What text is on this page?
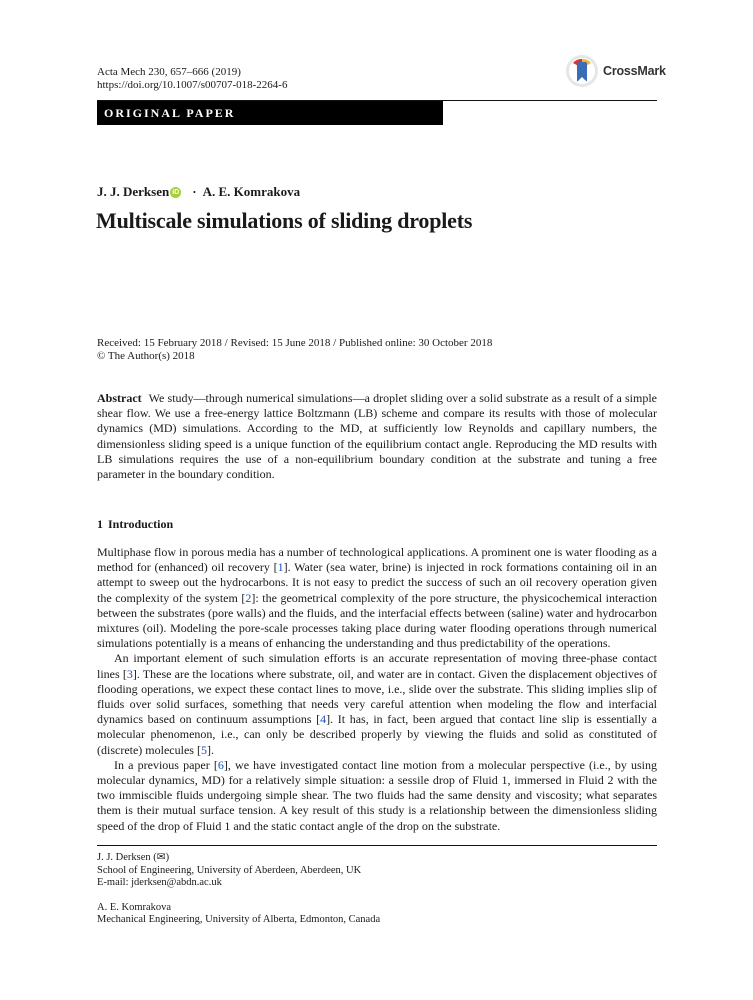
Acta Mech 230, 657–666 (2019)
https://doi.org/10.1007/s00707-018-2264-6
CrossMark
ORIGINAL PAPER
J. J. Derksen iD · A. E. Komrakova
Multiscale simulations of sliding droplets
Received: 15 February 2018 / Revised: 15 June 2018 / Published online: 30 October 2018
© The Author(s) 2018

Abstract We study—through numerical simulations—a droplet sliding over a solid substrate as a result of a simple shear flow. We use a free-energy lattice Boltzmann (LB) scheme and compare its results with those of molecular dynamics (MD) simulations. According to the MD, at sufficiently low Reynolds and capillary numbers, the dimensionless sliding speed is a unique function of the equilibrium contact angle. Reproducing the MD results with LB simulations requires the use of a non-equilibrium boundary condition at the substrate and tuning a free parameter in the boundary condition.

1 Introduction

Multiphase flow in porous media has a number of technological applications. A prominent one is water flooding as a method for (enhanced) oil recovery [1]. Water (sea water, brine) is injected in rock formations containing oil in an attempt to sweep out the hydrocarbons. It is not easy to predict the success of such an oil recovery operation given the complexity of the system [2]: the geometrical complexity of the pore structure, the physicochemical interaction between the substrates (pore walls) and the fluids, and the interfacial effects between (saline) water and hydrocarbon mixtures (oil). Modeling the pore-scale processes taking place during water flooding operations through numerical simulations potentially is a means of enhancing the understanding and thus predictability of the operations.

An important element of such simulation efforts is an accurate representation of moving three-phase contact lines [3]. These are the locations where substrate, oil, and water are in contact. Given the displacement objectives of flooding operations, we expect these contact lines to move, i.e., slide over the substrate. This sliding implies slip of fluids over solid surfaces, something that needs very careful attention when modeling the flow and interfacial dynamics based on continuum assumptions [4]. It has, in fact, been argued that contact line slip is essentially a molecular phenomenon, i.e., can only be described properly by viewing the fluids and solid as constituted of (discrete) molecules [5].

In a previous paper [6], we have investigated contact line motion from a molecular perspective (i.e., by using molecular dynamics, MD) for a relatively simple situation: a sessile drop of Fluid 1, immersed in Fluid 2 with the two immiscible fluids undergoing simple shear. The two fluids had the same density and viscosity; what separates them is their mutual surface tension. A key result of this study is a relationship between the dimensionless sliding speed of the drop of Fluid 1 and the static contact angle of the drop on the substrate.

J. J. Derksen (✉)
School of Engineering, University of Aberdeen, Aberdeen, UK
E-mail: jderksen@abdn.ac.uk
A. E. Komrakova
Mechanical Engineering, University of Alberta, Edmonton, Canada
